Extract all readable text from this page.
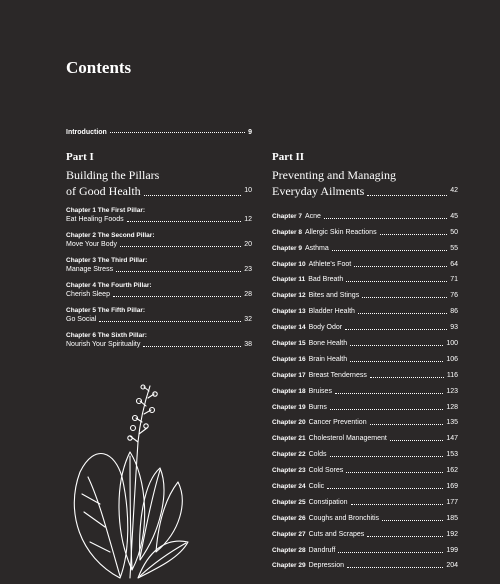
Contents
Introduction	9
Part I
Building the Pillars
of Good Health	10
Chapter 1 The First Pillar:
Eat Healing Foods	12
Chapter 2 The Second Pillar:
Move Your Body	20
Chapter 3 The Third Pillar:
Manage Stress	23
Chapter 4 The Fourth Pillar:
Cherish Sleep	28
Chapter 5 The Fifth Pillar:
Go Social	32
Chapter 6 The Sixth Pillar:
Nourish Your Spirituality	38
Part II
Preventing and Managing
Everyday Ailments	42
Chapter 7 Acne	45
Chapter 8 Allergic Skin Reactions	50
Chapter 9 Asthma	55
Chapter 10 Athlete's Foot	64
Chapter 11 Bad Breath	71
Chapter 12 Bites and Stings	76
Chapter 13 Bladder Health	86
Chapter 14 Body Odor	93
Chapter 15 Bone Health	100
Chapter 16 Brain Health	106
Chapter 17 Breast Tenderness	116
Chapter 18 Bruises	123
Chapter 19 Burns	128
Chapter 20 Cancer Prevention	135
Chapter 21 Cholesterol Management	147
Chapter 22 Colds	153
Chapter 23 Cold Sores	162
Chapter 24 Colic	169
Chapter 25 Constipation	177
Chapter 26 Coughs and Bronchitis	185
Chapter 27 Cuts and Scrapes	192
Chapter 28 Dandruff	199
Chapter 29 Depression	204
